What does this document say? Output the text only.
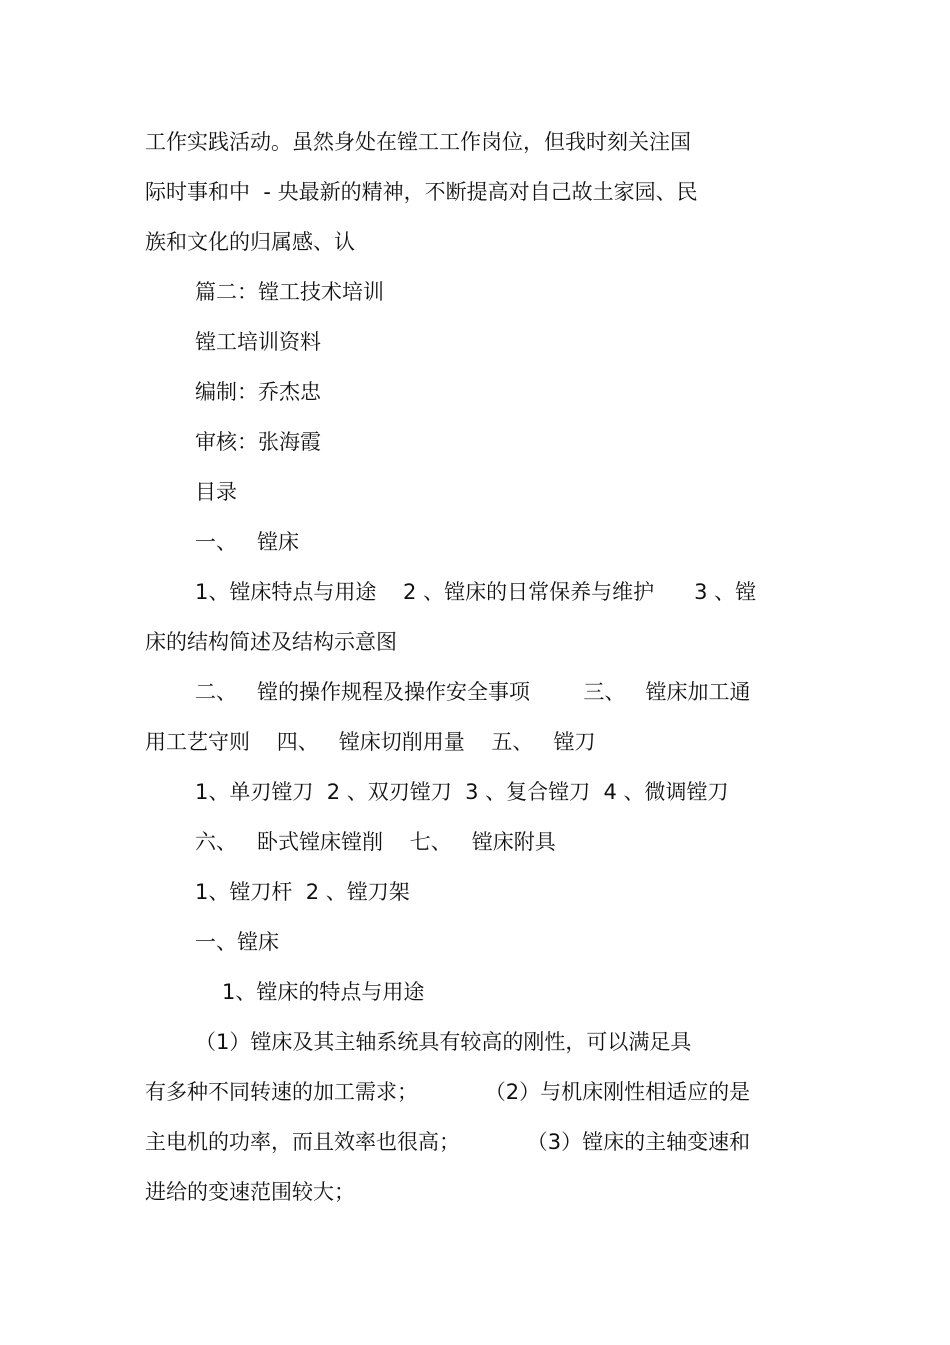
工作实践活动。虽然身处在镗工工作岗位，但我时刻关注国

际时事和中  - 央最新的精神，不断提高对自己故土家园、民

族和文化的归属感、认

篇二：镗工技术培训

镗工培训资料

编制：乔杰忠

审核：张海霞

目录

一、   镗床

1、镗床特点与用途    2 、镗床的日常保养与维护      3 、镗

床的结构简述及结构示意图

二、   镗的操作规程及操作安全事项        三、   镗床加工通

用工艺守则    四、   镗床切削用量    五、   镗刀

1、单刃镗刀  2 、双刃镗刀  3 、复合镗刀  4 、微调镗刀

六、   卧式镗床镗削    七、   镗床附具

1、镗刀杆  2 、镗刀架

一、镗床

1、镗床的特点与用途

（1）镗床及其主轴系统具有较高的刚性，可以满足具

有多种不同转速的加工需求；          （2）与机床刚性相适应的是

主电机的功率，而且效率也很高；          （3）镗床的主轴变速和

进给的变速范围较大；
